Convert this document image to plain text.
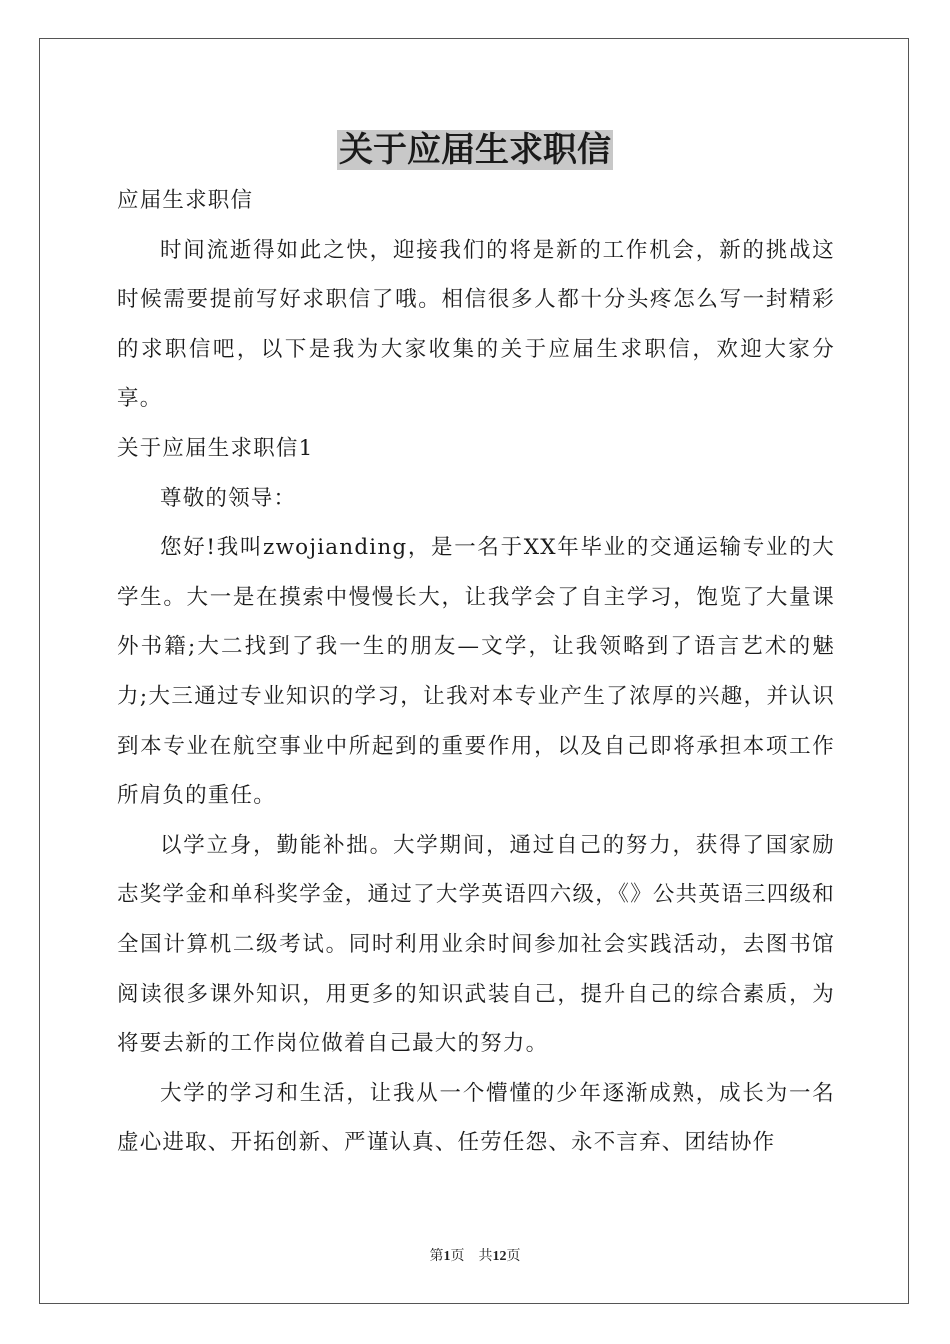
关于应届生求职信

应届生求职信

时间流逝得如此之快，迎接我们的将是新的工作机会，新的挑战这时候需要提前写好求职信了哦。相信很多人都十分头疼怎么写一封精彩的求职信吧，以下是我为大家收集的关于应届生求职信，欢迎大家分享。

关于应届生求职信1

尊敬的领导：

您好!我叫zwojianding，是一名于XX年毕业的交通运输专业的大学生。大一是在摸索中慢慢长大，让我学会了自主学习，饱览了大量课外书籍;大二找到了我一生的朋友—文学，让我领略到了语言艺术的魅力;大三通过专业知识的学习，让我对本专业产生了浓厚的兴趣，并认识到本专业在航空事业中所起到的重要作用，以及自己即将承担本项工作所肩负的重任。

以学立身，勤能补拙。大学期间，通过自己的努力，获得了国家励志奖学金和单科奖学金，通过了大学英语四六级，《》公共英语三四级和全国计算机二级考试。同时利用业余时间参加社会实践活动，去图书馆阅读很多课外知识，用更多的知识武装自己，提升自己的综合素质，为将要去新的工作岗位做着自己最大的努力。

大学的学习和生活，让我从一个懵懂的少年逐渐成熟，成长为一名虚心进取、开拓创新、严谨认真、任劳任怨、永不言弃、团结协作

第1页 共12页
